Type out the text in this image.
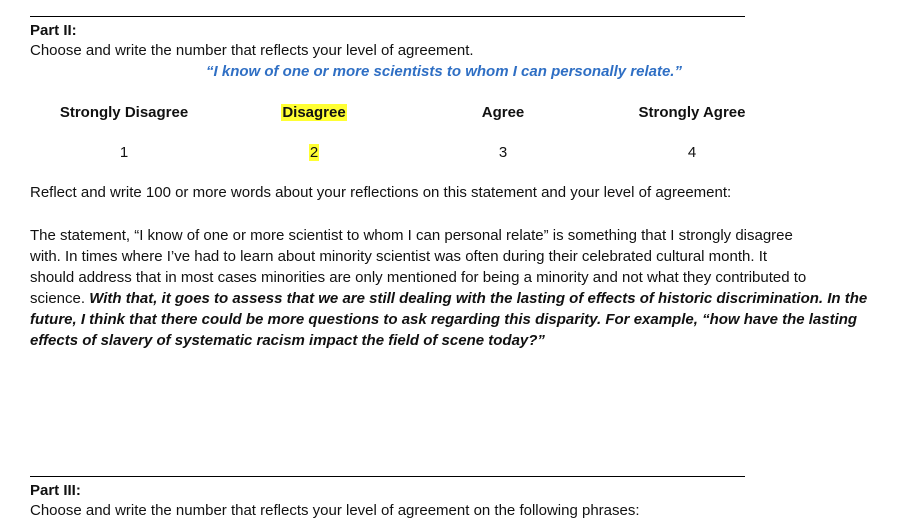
Part II:
Choose and write the number that reflects your level of agreement.
“I know of one or more scientists to whom I can personally relate.”
Strongly Disagree	Disagree	Agree	Strongly Agree
1	2	3	4
Reflect and write 100 or more words about your reflections on this statement and your level of agreement:
The statement, “I know of one or more scientist to whom I can personal relate” is something that I strongly disagree
with. In times where I’ve had to learn about minority scientist was often during their celebrated cultural month. It
should address that in most cases minorities are only mentioned for being a minority and not what they contributed to
science. With that, it goes to assess that we are still dealing with the lasting of effects of historic discrimination. In the
future, I think that there could be more questions to ask regarding this disparity. For example, “how have the lasting
effects of slavery of systematic racism impact the field of scene today?”
Part III:
Choose and write the number that reflects your level of agreement on the following phrases:
